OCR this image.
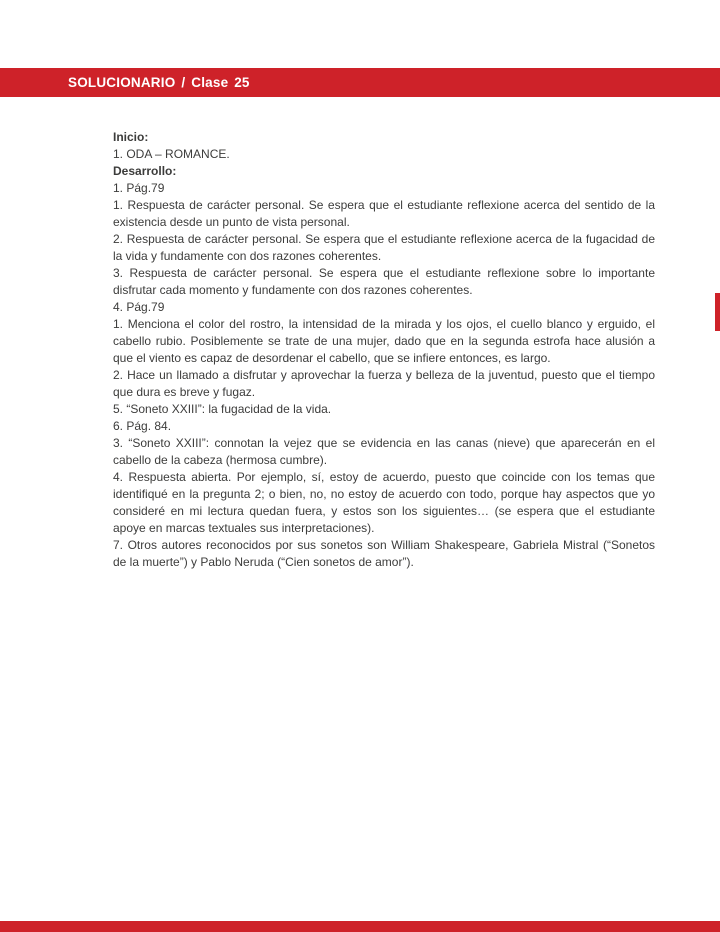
SOLUCIONARIO / Clase 25

Inicio:

1. ODA – ROMANCE.

Desarrollo:

1. Pág.79

1. Respuesta de carácter personal. Se espera que el estudiante reflexione acerca del sentido de la existencia desde un punto de vista personal.

2. Respuesta de carácter personal. Se espera que el estudiante reflexione acerca de la fugacidad de la vida y fundamente con dos razones coherentes.

3. Respuesta de carácter personal. Se espera que el estudiante reflexione sobre lo importante disfrutar cada momento y fundamente con dos razones coherentes.

4. Pág.79

1. Menciona el color del rostro, la intensidad de la mirada y los ojos, el cuello blanco y erguido, el cabello rubio. Posiblemente se trate de una mujer, dado que en la segunda estrofa hace alusión a que el viento es capaz de desordenar el cabello, que se infiere entonces, es largo.

2. Hace un llamado a disfrutar y aprovechar la fuerza y belleza de la juventud, puesto que el tiempo que dura es breve y fugaz.

5. “Soneto XXIII”: la fugacidad de la vida.

6. Pág. 84.

3. “Soneto XXIII”: connotan la vejez que se evidencia en las canas (nieve) que aparecerán en el cabello de la cabeza (hermosa cumbre).

4. Respuesta abierta. Por ejemplo, sí, estoy de acuerdo, puesto que coincide con los temas que identifiqué en la pregunta 2; o bien, no, no estoy de acuerdo con todo, porque hay aspectos que yo consideré en mi lectura quedan fuera, y estos son los siguientes… (se espera que el estudiante apoye en marcas textuales sus interpretaciones).

7. Otros autores reconocidos por sus sonetos son William Shakespeare, Gabriela Mistral (“Sonetos de la muerte”) y Pablo Neruda (“Cien sonetos de amor”).
